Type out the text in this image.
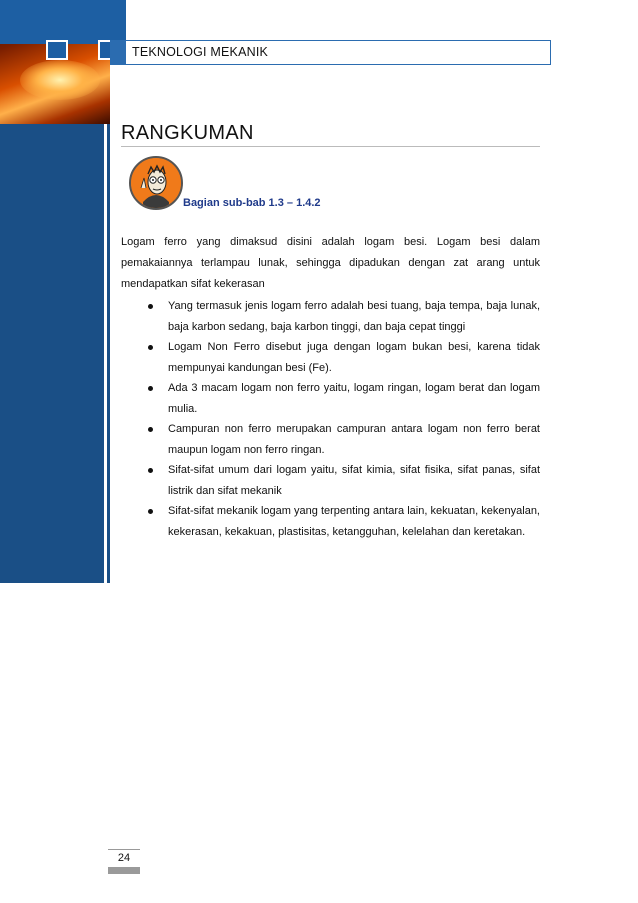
TEKNOLOGI MEKANIK
RANGKUMAN
Bagian sub-bab 1.3 – 1.4.2
Logam ferro yang dimaksud disini adalah logam besi. Logam besi dalam pemakaiannya terlampau lunak, sehingga dipadukan dengan zat arang untuk mendapatkan sifat kekerasan
Yang termasuk jenis logam ferro adalah besi tuang, baja tempa, baja lunak, baja karbon sedang, baja karbon tinggi, dan baja cepat tinggi
Logam Non Ferro disebut juga dengan logam bukan besi, karena tidak mempunyai kandungan besi (Fe).
Ada 3 macam logam non ferro yaitu, logam ringan, logam berat dan logam mulia.
Campuran non ferro merupakan campuran antara logam non ferro berat maupun logam non ferro ringan.
Sifat-sifat umum dari logam yaitu, sifat kimia, sifat fisika, sifat panas, sifat listrik dan sifat mekanik
Sifat-sifat mekanik logam yang terpenting antara lain, kekuatan, kekenyalan, kekerasan, kekakuan, plastisitas, ketangguhan, kelelahan dan keretakan.
24
